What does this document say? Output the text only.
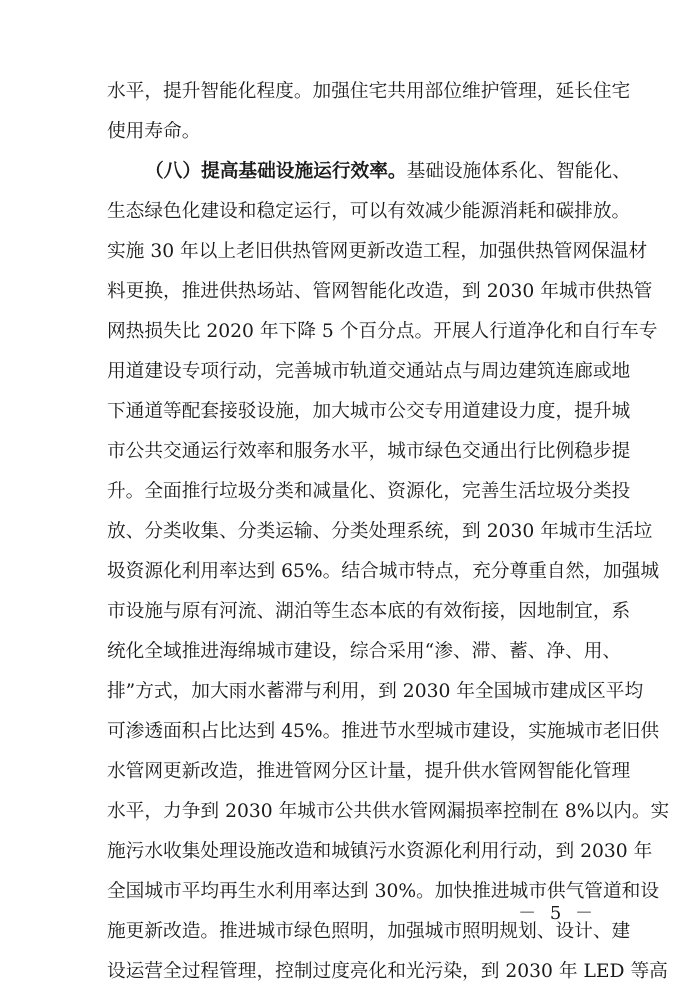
水平，提升智能化程度。加强住宅共用部位维护管理，延长住宅
使用寿命。
（八）提高基础设施运行效率。基础设施体系化、智能化、
生态绿色化建设和稳定运行，可以有效减少能源消耗和碳排放。
实施 30 年以上老旧供热管网更新改造工程，加强供热管网保温材
料更换，推进供热场站、管网智能化改造，到 2030 年城市供热管
网热损失比 2020 年下降 5 个百分点。开展人行道净化和自行车专
用道建设专项行动，完善城市轨道交通站点与周边建筑连廊或地
下通道等配套接驳设施，加大城市公交专用道建设力度，提升城
市公共交通运行效率和服务水平，城市绿色交通出行比例稳步提
升。全面推行垃圾分类和减量化、资源化，完善生活垃圾分类投
放、分类收集、分类运输、分类处理系统，到 2030 年城市生活垃
圾资源化利用率达到 65%。结合城市特点，充分尊重自然，加强城
市设施与原有河流、湖泊等生态本底的有效衔接，因地制宜，系
统化全域推进海绵城市建设，综合采用“渗、滞、蓄、净、用、
排”方式，加大雨水蓄滞与利用，到 2030 年全国城市建成区平均
可渗透面积占比达到 45%。推进节水型城市建设，实施城市老旧供
水管网更新改造，推进管网分区计量，提升供水管网智能化管理
水平，力争到 2030 年城市公共供水管网漏损率控制在 8%以内。实
施污水收集处理设施改造和城镇污水资源化利用行动，到 2030 年
全国城市平均再生水利用率达到 30%。加快推进城市供气管道和设
施更新改造。推进城市绿色照明，加强城市照明规划、设计、建
设运营全过程管理，控制过度亮化和光污染，到 2030 年 LED 等高
－ 5 －
